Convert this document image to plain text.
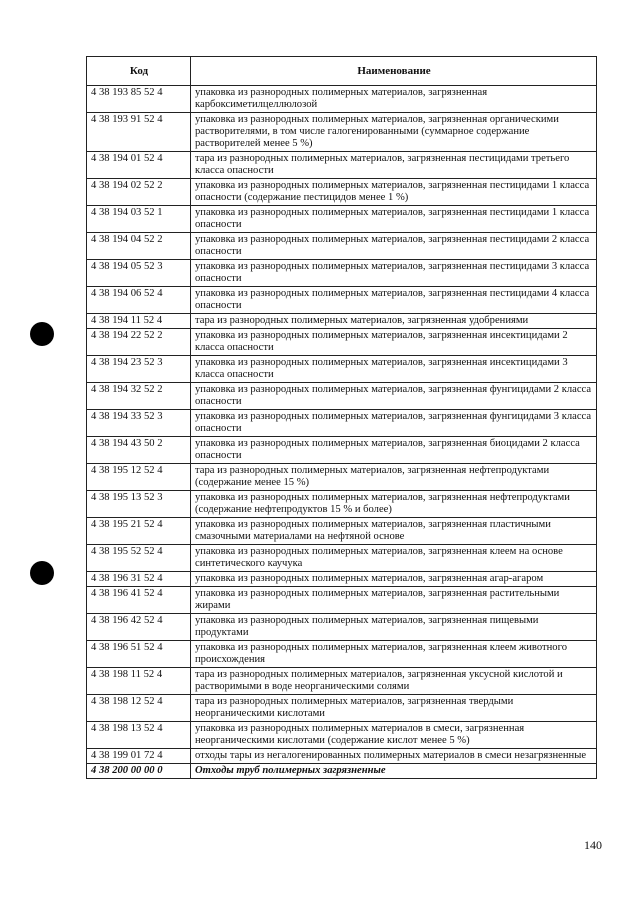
Код	Наименование
4 38 193 85 52 4	упаковка из разнородных полимерных материалов, загрязненная карбоксиметилцеллюлозой
4 38 193 91 52 4	упаковка из разнородных полимерных материалов, загрязненная органическими растворителями, в том числе галогенированными (суммарное содержание растворителей менее 5 %)
4 38 194 01 52 4	тара из разнородных полимерных материалов, загрязненная пестицидами третьего класса опасности
4 38 194 02 52 2	упаковка из разнородных полимерных материалов, загрязненная пестицидами 1 класса опасности (содержание пестицидов менее 1 %)
4 38 194 03 52 1	упаковка из разнородных полимерных материалов, загрязненная пестицидами 1 класса опасности
4 38 194 04 52 2	упаковка из разнородных полимерных материалов, загрязненная пестицидами 2 класса опасности
4 38 194 05 52 3	упаковка из разнородных полимерных материалов, загрязненная пестицидами 3 класса опасности
4 38 194 06 52 4	упаковка из разнородных полимерных материалов, загрязненная пестицидами 4 класса опасности
4 38 194 11 52 4	тара из разнородных полимерных материалов, загрязненная удобрениями
4 38 194 22 52 2	упаковка из разнородных полимерных материалов, загрязненная инсектицидами 2 класса опасности
4 38 194 23 52 3	упаковка из разнородных полимерных материалов, загрязненная инсектицидами 3 класса опасности
4 38 194 32 52 2	упаковка из разнородных полимерных материалов, загрязненная фунгицидами 2 класса опасности
4 38 194 33 52 3	упаковка из разнородных полимерных материалов, загрязненная фунгицидами 3 класса опасности
4 38 194 43 50 2	упаковка из разнородных полимерных материалов, загрязненная биоцидами 2 класса опасности
4 38 195 12 52 4	тара из разнородных полимерных материалов, загрязненная нефтепродуктами (содержание менее 15 %)
4 38 195 13 52 3	упаковка из разнородных полимерных материалов, загрязненная нефтепродуктами (содержание нефтепродуктов 15 % и более)
4 38 195 21 52 4	упаковка из разнородных полимерных материалов, загрязненная пластичными смазочными материалами на нефтяной основе
4 38 195 52 52 4	упаковка из разнородных полимерных материалов, загрязненная клеем на основе синтетического каучука
4 38 196 31 52 4	упаковка из разнородных полимерных материалов, загрязненная агар-агаром
4 38 196 41 52 4	упаковка из разнородных полимерных материалов, загрязненная растительными жирами
4 38 196 42 52 4	упаковка из разнородных полимерных материалов, загрязненная пищевыми продуктами
4 38 196 51 52 4	упаковка из разнородных полимерных материалов, загрязненная клеем животного происхождения
4 38 198 11 52 4	тара из разнородных полимерных материалов, загрязненная уксусной кислотой и растворимыми в воде неорганическими солями
4 38 198 12 52 4	тара из разнородных полимерных материалов, загрязненная твердыми неорганическими кислотами
4 38 198 13 52 4	упаковка из разнородных полимерных материалов в смеси, загрязненная неорганическими кислотами (содержание кислот менее 5 %)
4 38 199 01 72 4	отходы тары из негалогенированных полимерных материалов в смеси незагрязненные
4 38 200 00 00 0	Отходы труб полимерных загрязненные
140
